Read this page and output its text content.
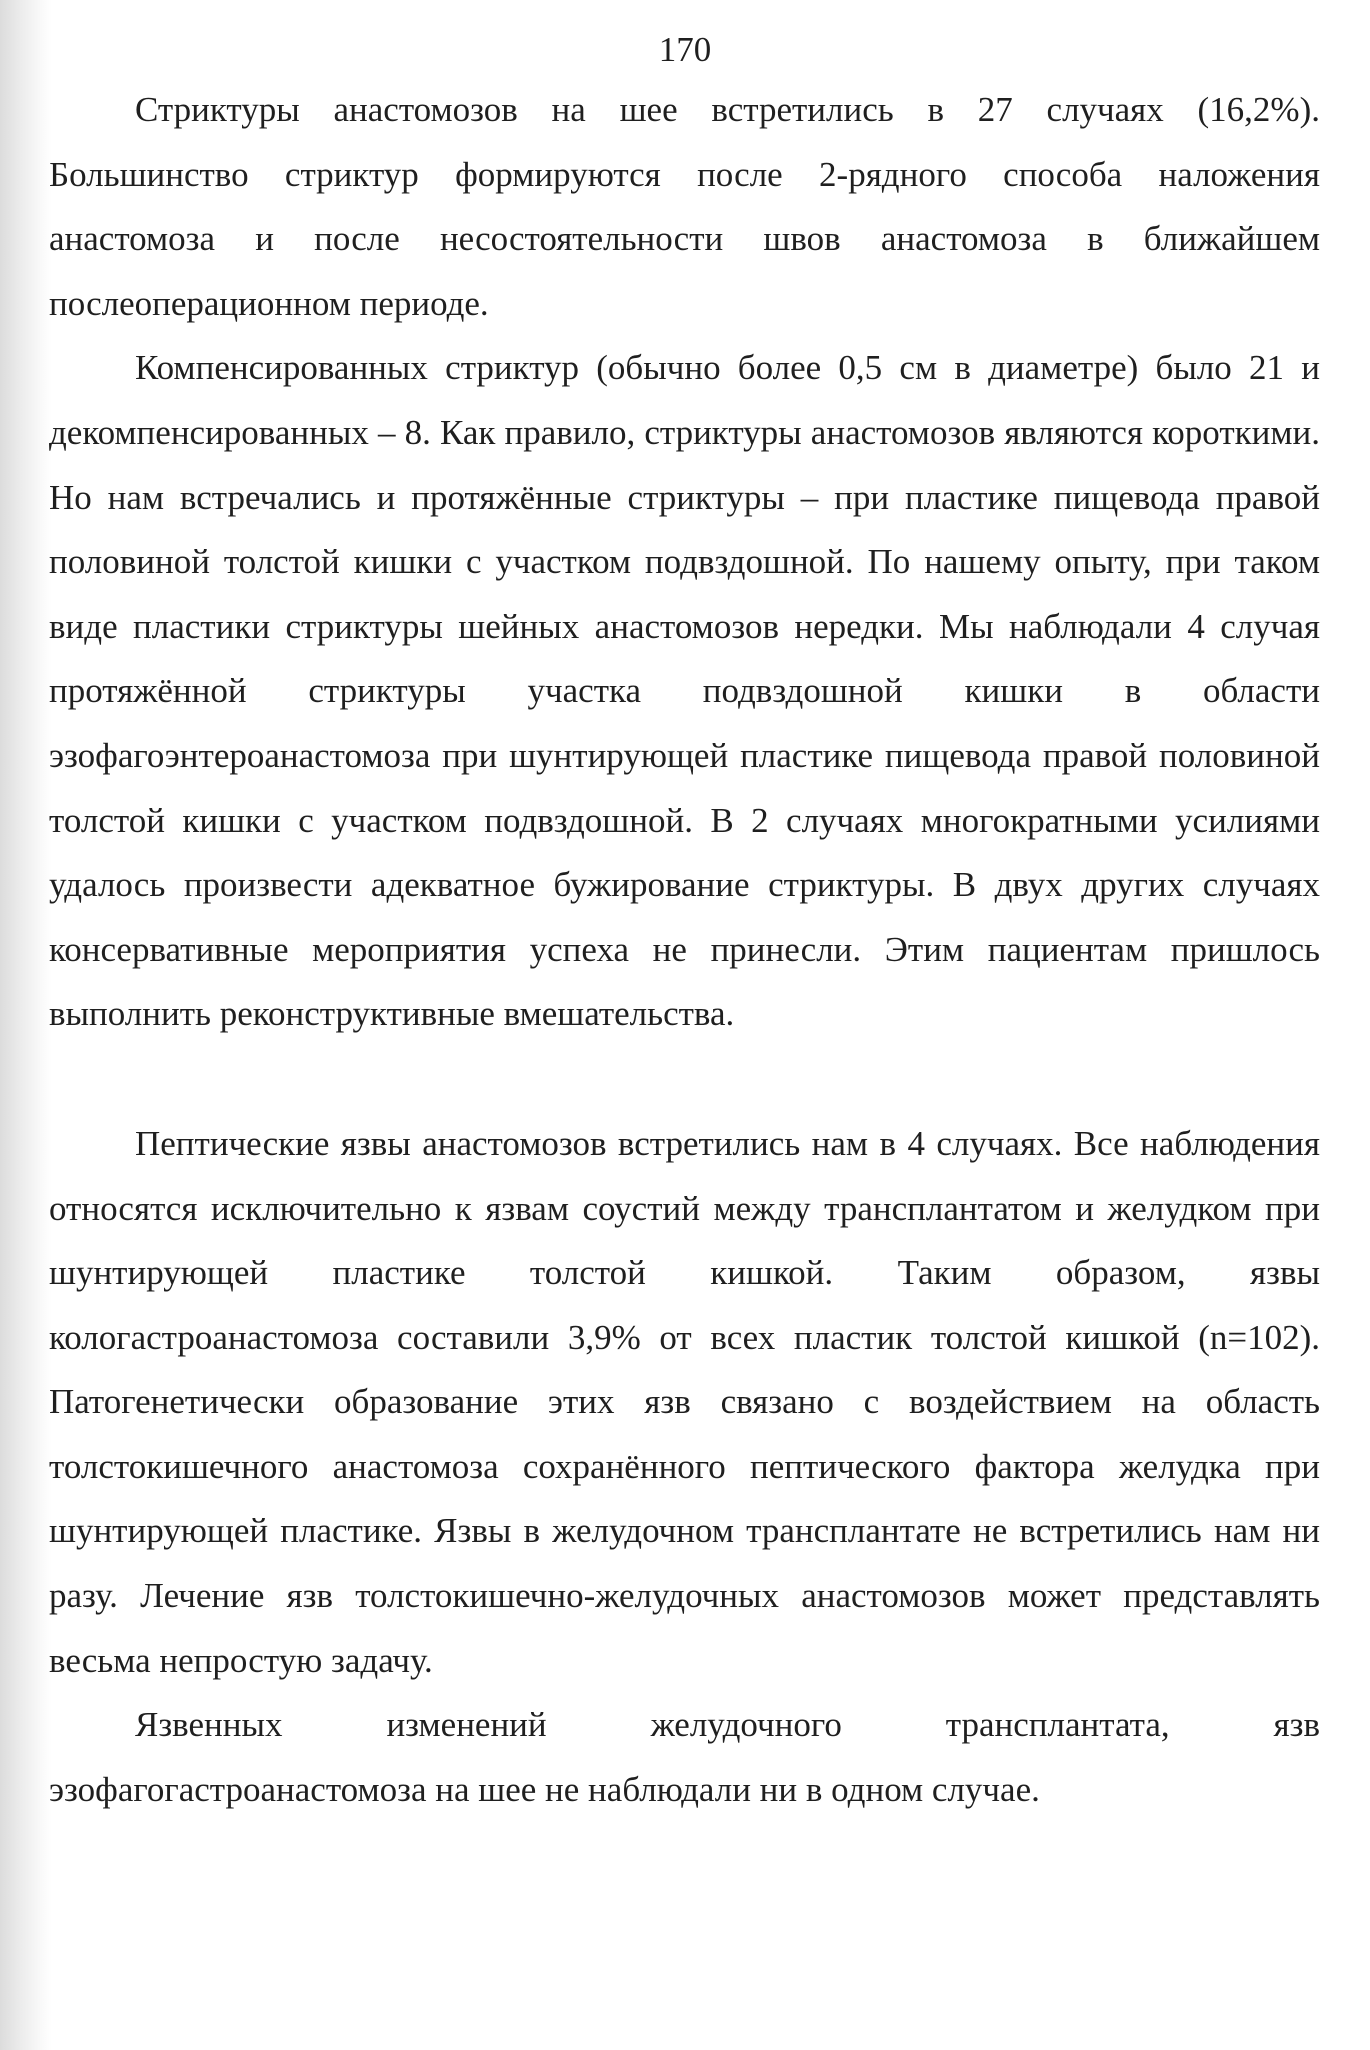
170

Стриктуры анастомозов на шее встретились в 27 случаях (16,2%). Большинство стриктур формируются после 2-рядного способа наложения анастомоза и после несостоятельности швов анастомоза в ближайшем послеоперационном периоде.

Компенсированных стриктур (обычно более 0,5 см в диаметре) было 21 и декомпенсированных – 8. Как правило, стриктуры анастомозов являются короткими. Но нам встречались и протяжённые стриктуры – при пластике пищевода правой половиной толстой кишки с участком подвздошной. По нашему опыту, при таком виде пластики стриктуры шейных анастомозов нередки. Мы наблюдали 4 случая протяжённой стриктуры участка подвздошной кишки в области эзофагоэнтероанастомоза при шунтирующей пластике пищевода правой половиной толстой кишки с участком подвздошной. В 2 случаях многократными усилиями удалось произвести адекватное бужирование стриктуры. В двух других случаях консервативные мероприятия успеха не принесли. Этим пациентам пришлось выполнить реконструктивные вмешательства.

Пептические язвы анастомозов встретились нам в 4 случаях. Все наблюдения относятся исключительно к язвам соустий между трансплантатом и желудком при шунтирующей пластике толстой кишкой. Таким образом, язвы кологастроанастомоза составили 3,9% от всех пластик толстой кишкой (n=102). Патогенетически образование этих язв связано с воздействием на область толстокишечного анастомоза сохранённого пептического фактора желудка при шунтирующей пластике. Язвы в желудочном трансплантате не встретились нам ни разу. Лечение язв толстокишечно-желудочных анастомозов может представлять весьма непростую задачу.

Язвенных изменений желудочного трансплантата, язв эзофагогастроанастомоза на шее не наблюдали ни в одном случае.
